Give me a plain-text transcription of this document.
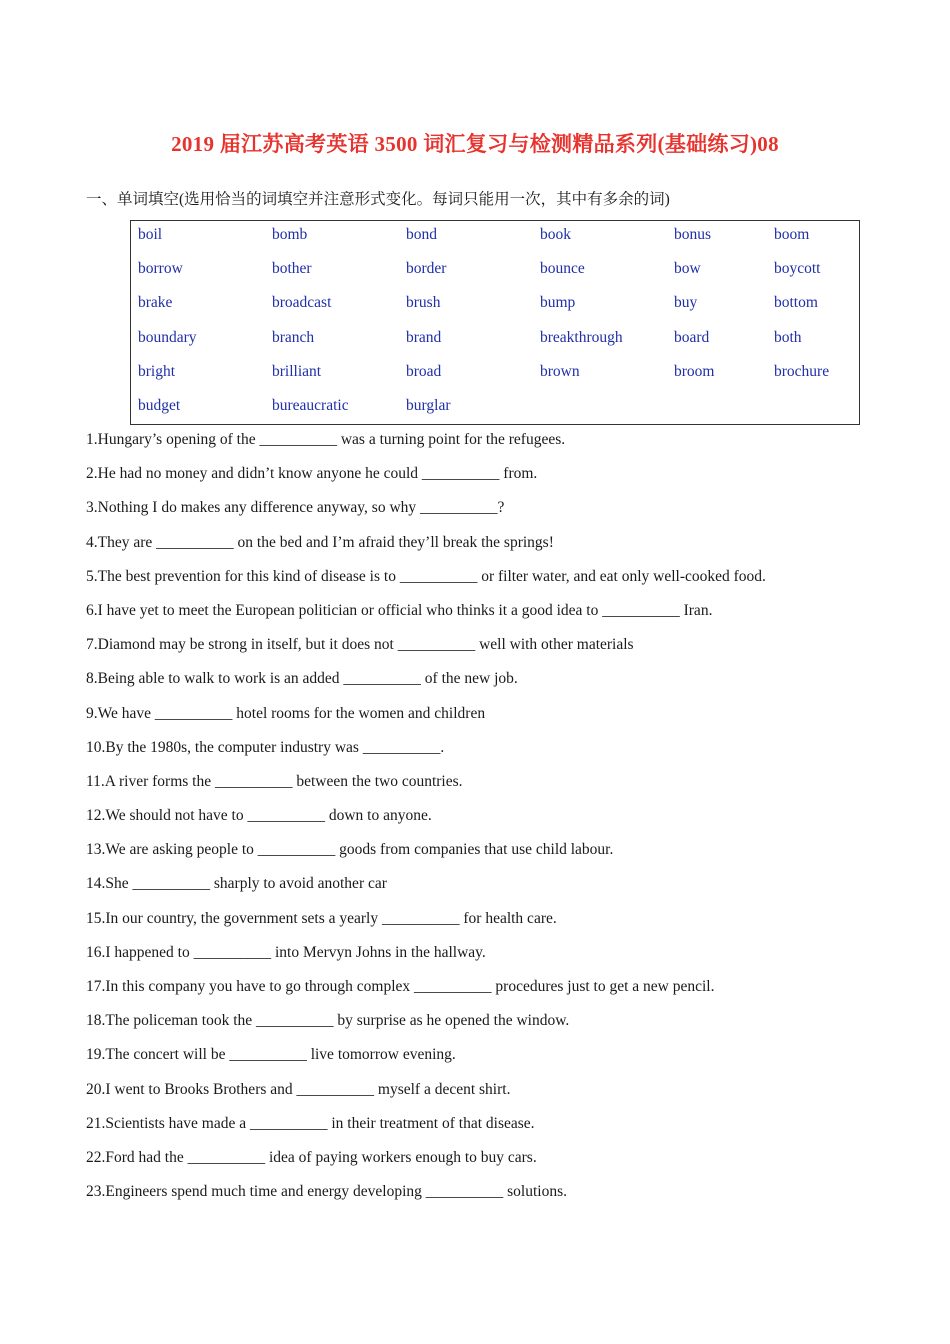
2019 届江苏高考英语 3500 词汇复习与检测精品系列(基础练习)08
一、单词填空(选用恰当的词填空并注意形式变化。每词只能用一次，其中有多余的词)
boil	bomb	bond	book	bonus	boom
borrow	bother	border	bounce	bow	boycott
brake	broadcast	brush	bump	buy	bottom
boundary	branch	brand	breakthrough	board	both
bright	brilliant	broad	brown	broom	brochure
budget	bureaucratic	burglar
1.Hungary’s opening of the __________ was a turning point for the refugees.
2.He had no money and didn’t know anyone he could __________ from.
3.Nothing I do makes any difference anyway, so why __________?
4.They are __________ on the bed and I’m afraid they’ll break the springs!
5.The best prevention for this kind of disease is to __________ or filter water, and eat only well-cooked food.
6.I have yet to meet the European politician or official who thinks it a good idea to __________ Iran.
7.Diamond may be strong in itself, but it does not __________ well with other materials
8.Being able to walk to work is an added __________ of the new job.
9.We have __________ hotel rooms for the women and children
10.By the 1980s, the computer industry was __________.
11.A river forms the __________ between the two countries.
12.We should not have to __________ down to anyone.
13.We are asking people to __________ goods from companies that use child labour.
14.She __________ sharply to avoid another car
15.In our country, the government sets a yearly __________ for health care.
16.I happened to __________ into Mervyn Johns in the hallway.
17.In this company you have to go through complex __________ procedures just to get a new pencil.
18.The policeman took the __________ by surprise as he opened the window.
19.The concert will be __________ live tomorrow evening.
20.I went to Brooks Brothers and __________ myself a decent shirt.
21.Scientists have made a __________ in their treatment of that disease.
22.Ford had the __________ idea of paying workers enough to buy cars.
23.Engineers spend much time and energy developing __________ solutions.
